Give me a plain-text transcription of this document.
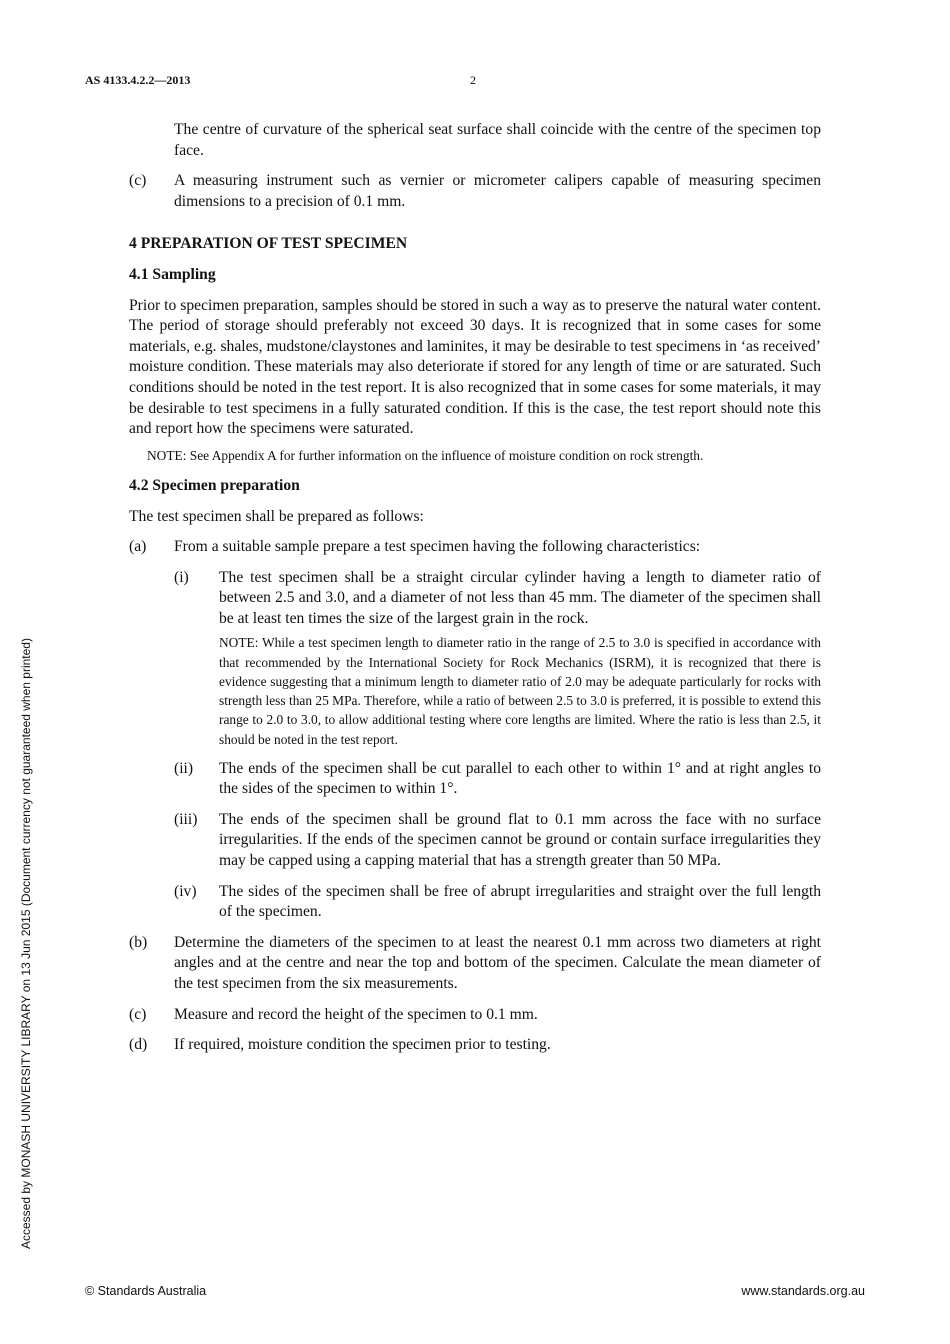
AS 4133.4.2.2—2013	2
Accessed by MONASH UNIVERSITY LIBRARY on 13 Jun 2015 (Document currency not guaranteed when printed)

The centre of curvature of the spherical seat surface shall coincide with the centre of the specimen top face.

(c)	A measuring instrument such as vernier or micrometer calipers capable of measuring specimen dimensions to a precision of 0.1 mm.
4 PREPARATION OF TEST SPECIMEN
4.1 Sampling

Prior to specimen preparation, samples should be stored in such a way as to preserve the natural water content. The period of storage should preferably not exceed 30 days. It is recognized that in some cases for some materials, e.g. shales, mudstone/claystones and laminites, it may be desirable to test specimens in ‘as received’ moisture condition. These materials may also deteriorate if stored for any length of time or are saturated. Such conditions should be noted in the test report. It is also recognized that in some cases for some materials, it may be desirable to test specimens in a fully saturated condition. If this is the case, the test report should note this and report how the specimens were saturated.

NOTE: See Appendix A for further information on the influence of moisture condition on rock strength.
4.2 Specimen preparation

The test specimen shall be prepared as follows:

(a)	From a suitable sample prepare a test specimen having the following characteristics:
(i)	The test specimen shall be a straight circular cylinder having a length to diameter ratio of between 2.5 and 3.0, and a diameter of not less than 45 mm. The diameter of the specimen shall be at least ten times the size of the largest grain in the rock.
NOTE: While a test specimen length to diameter ratio in the range of 2.5 to 3.0 is specified in accordance with that recommended by the International Society for Rock Mechanics (ISRM), it is recognized that there is evidence suggesting that a minimum length to diameter ratio of 2.0 may be adequate particularly for rocks with strength less than 25 MPa. Therefore, while a ratio of between 2.5 to 3.0 is preferred, it is possible to extend this range to 2.0 to 3.0, to allow additional testing where core lengths are limited. Where the ratio is less than 2.5, it should be noted in the test report.
(ii)	The ends of the specimen shall be cut parallel to each other to within 1° and at right angles to the sides of the specimen to within 1°.
(iii)	The ends of the specimen shall be ground flat to 0.1 mm across the face with no surface irregularities. If the ends of the specimen cannot be ground or contain surface irregularities they may be capped using a capping material that has a strength greater than 50 MPa.
(iv)	The sides of the specimen shall be free of abrupt irregularities and straight over the full length of the specimen.
(b)	Determine the diameters of the specimen to at least the nearest 0.1 mm across two diameters at right angles and at the centre and near the top and bottom of the specimen. Calculate the mean diameter of the test specimen from the six measurements.
(c)	Measure and record the height of the specimen to 0.1 mm.
(d)	If required, moisture condition the specimen prior to testing.
© Standards Australia	www.standards.org.au
